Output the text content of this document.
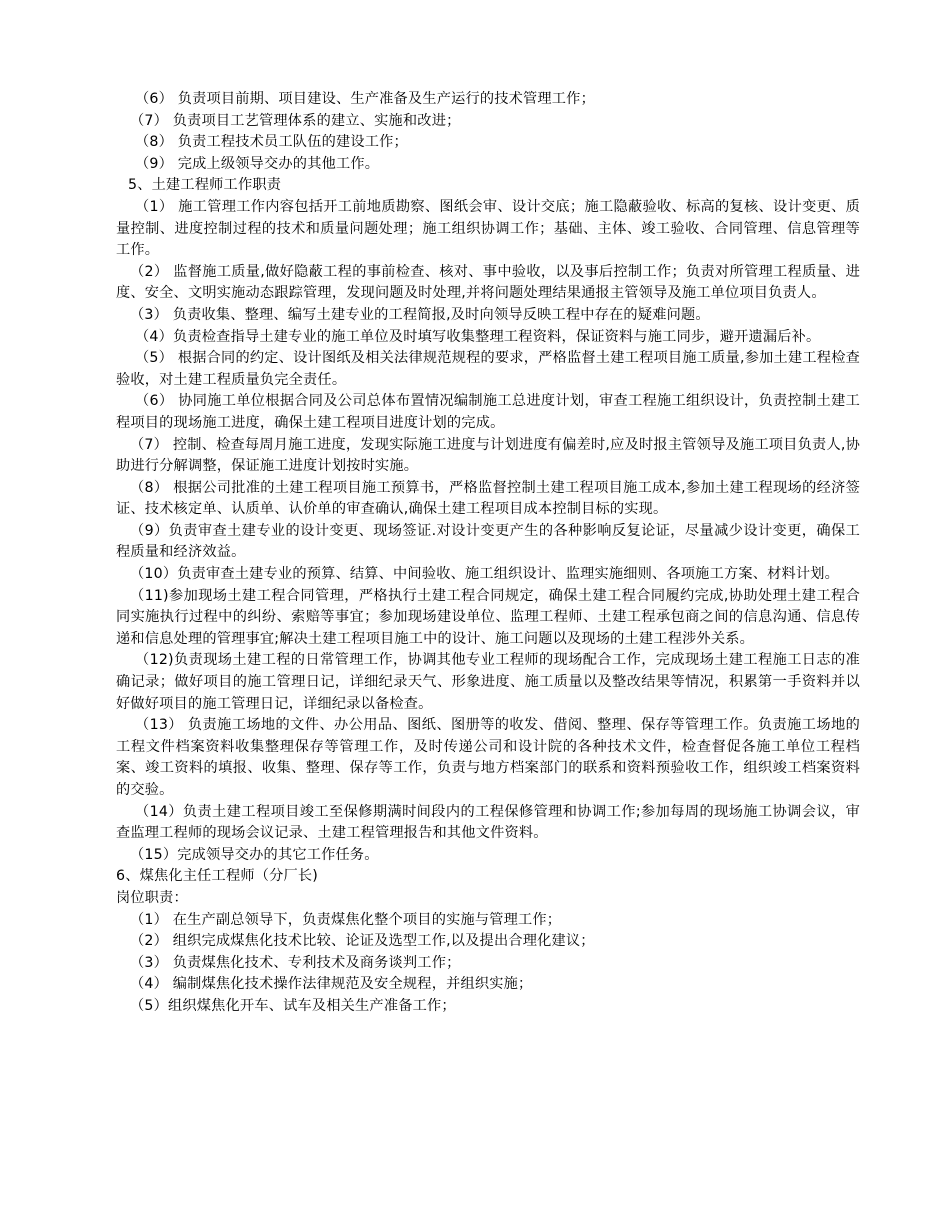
（6） 负责项目前期、项目建设、生产准备及生产运行的技术管理工作；

（7） 负责项目工艺管理体系的建立、实施和改进；

（8） 负责工程技术员工队伍的建设工作；

（9） 完成上级领导交办的其他工作。

5、土建工程师工作职责

（1） 施工管理工作内容包括开工前地质勘察、图纸会审、设计交底；施工隐蔽验收、标高的复核、设计变更、质量控制、进度控制过程的技术和质量问题处理；施工组织协调工作；基础、主体、竣工验收、合同管理、信息管理等工作。

（2） 监督施工质量,做好隐蔽工程的事前检查、核对、事中验收，以及事后控制工作；负责对所管理工程质量、进度、安全、文明实施动态跟踪管理，发现问题及时处理,并将问题处理结果通报主管领导及施工单位项目负责人。

（3） 负责收集、整理、编写土建专业的工程简报,及时向领导反映工程中存在的疑难问题。

（4）负责检查指导土建专业的施工单位及时填写收集整理工程资料，保证资料与施工同步，避开遗漏后补。

（5） 根据合同的约定、设计图纸及相关法律规范规程的要求，严格监督土建工程项目施工质量,参加土建工程检查验收，对土建工程质量负完全责任。

（6） 协同施工单位根据合同及公司总体布置情况编制施工总进度计划，审查工程施工组织设计，负责控制土建工程项目的现场施工进度，确保土建工程项目进度计划的完成。

（7） 控制、检查每周月施工进度，发现实际施工进度与计划进度有偏差时,应及时报主管领导及施工项目负责人,协助进行分解调整，保证施工进度计划按时实施。

（8） 根据公司批准的土建工程项目施工预算书，严格监督控制土建工程项目施工成本,参加土建工程现场的经济签证、技术核定单、认质单、认价单的审查确认,确保土建工程项目成本控制目标的实现。

（9）负责审查土建专业的设计变更、现场签证.对设计变更产生的各种影响反复论证，尽量减少设计变更，确保工程质量和经济效益。

（10）负责审查土建专业的预算、结算、中间验收、施工组织设计、监理实施细则、各项施工方案、材料计划。

（11)参加现场土建工程合同管理，严格执行土建工程合同规定，确保土建工程合同履约完成,协助处理土建工程合同实施执行过程中的纠纷、索赔等事宜；参加现场建设单位、监理工程师、土建工程承包商之间的信息沟通、信息传递和信息处理的管理事宜;解决土建工程项目施工中的设计、施工问题以及现场的土建工程涉外关系。

（12)负责现场土建工程的日常管理工作，协调其他专业工程师的现场配合工作，完成现场土建工程施工日志的准确记录；做好项目的施工管理日记，详细纪录天气、形象进度、施工质量以及整改结果等情况，积累第一手资料并以好做好项目的施工管理日记，详细纪录以备检查。

（13） 负责施工场地的文件、办公用品、图纸、图册等的收发、借阅、整理、保存等管理工作。负责施工场地的工程文件档案资料收集整理保存等管理工作，及时传递公司和设计院的各种技术文件，检查督促各施工单位工程档案、竣工资料的填报、收集、整理、保存等工作，负责与地方档案部门的联系和资料预验收工作，组织竣工档案资料的交验。

（14）负责土建工程项目竣工至保修期满时间段内的工程保修管理和协调工作;参加每周的现场施工协调会议，审查监理工程师的现场会议记录、土建工程管理报告和其他文件资料。

（15）完成领导交办的其它工作任务。

6、煤焦化主任工程师（分厂长)

岗位职责：

（1） 在生产副总领导下，负责煤焦化整个项目的实施与管理工作；

（2） 组织完成煤焦化技术比较、论证及选型工作,以及提出合理化建议；

（3） 负责煤焦化技术、专利技术及商务谈判工作；

（4） 编制煤焦化技术操作法律规范及安全规程，并组织实施；

（5）组织煤焦化开车、试车及相关生产准备工作；
